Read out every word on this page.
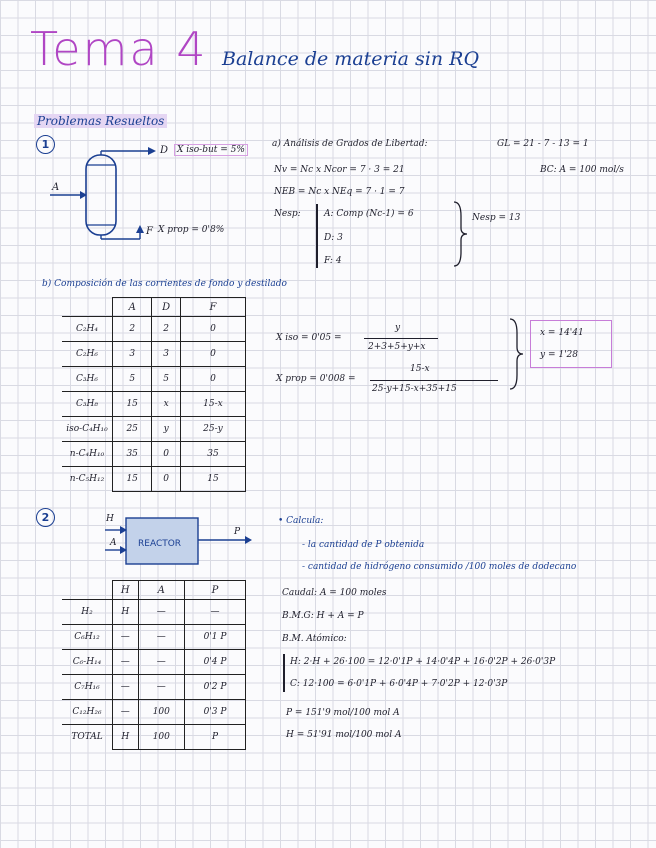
Tema 4 Balance de materia sin RQ
Problemas Resueltos
1
A
D X iso-but = 5%
F X prop = 0'8%
a) Análisis de Grados de Libertad:	GL = 21 - 7 - 13 = 1
BC: A = 100 mol/s
Nv = Nc x Ncor = 7 · 3 = 21
NEB = Nc x NEq = 7 · 1 = 7
Nesp:	A: Comp (Nc-1) = 6
D: 3
F: 4
Nesp = 13
b) Composición de las corrientes de fondo y destilado
	A	D	F
C₂H₄	2	2	0
C₂H₆	3	3	0
C₃H₆	5	5	0
C₃H₈	15	x	15-x
iso-C₄H₁₀	25	y	25-y
n-C₄H₁₀	35	0	35
n-C₅H₁₂	15	0	15
X iso = 0'05 =
y
2+3+5+y+x
X prop = 0'008 =
15-x
25-y+15-x+35+15
x = 14'41
y = 1'28
2	H
A REACTOR
P
• Calcula:
- la cantidad de P obtenida
- cantidad de hidrógeno consumido /100 moles de dodecano
	H	A	P
H₂	H	—	—
C₆H₁₂	—	—	0'1 P
C₆-H₁₄	—	—	0'4 P
C₇H₁₆	—	—	0'2 P
C₁₂H₂₆	—	100	0'3 P
TOTAL	H	100	P
Caudal: A = 100 moles
B.M.G: H + A = P
B.M. Atómico:
H: 2·H + 26·100 = 12·0'1P + 14·0'4P + 16·0'2P + 26·0'3P
C: 12·100 = 6·0'1P + 6·0'4P + 7·0'2P + 12·0'3P
P = 151'9 mol/100 mol A
H = 51'91 mol/100 mol A
